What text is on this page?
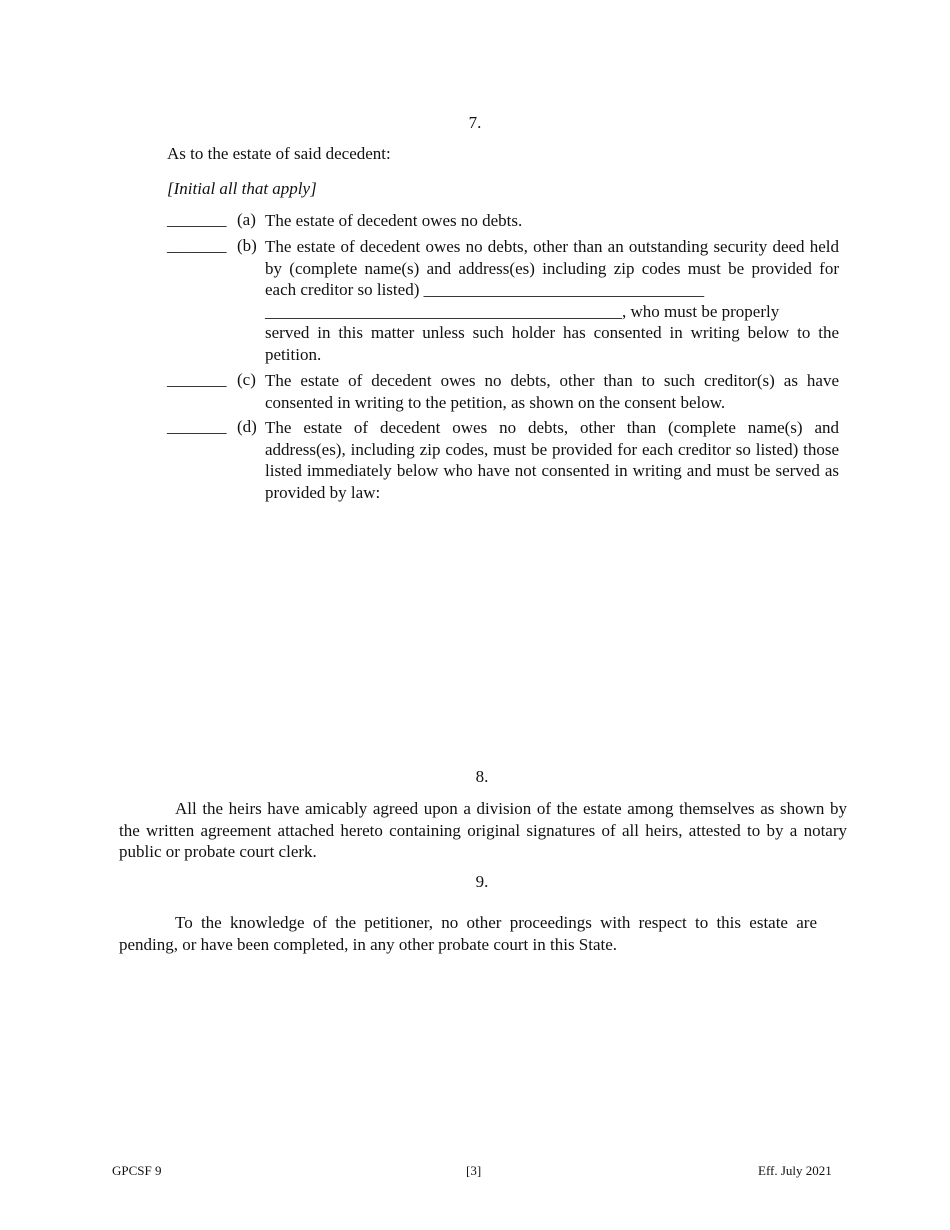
7.
As to the estate of said decedent:
[Initial all that apply]
_______ (a) The estate of decedent owes no debts.
_______ (b) The estate of decedent owes no debts, other than an outstanding security deed held by (complete name(s) and address(es) including zip codes must be provided for each creditor so listed) _________________________________
__________________________________________, who must be properly
served in this matter unless such holder has consented in writing below to the petition.
_______ (c) The estate of decedent owes no debts, other than to such creditor(s) as have consented in writing to the petition, as shown on the consent below.
_______ (d) The estate of decedent owes no debts, other than (complete name(s) and address(es), including zip codes, must be provided for each creditor so listed) those listed immediately below who have not consented in writing and must be served as provided by law:
8.
All the heirs have amicably agreed upon a division of the estate among themselves as shown by the written agreement attached hereto containing original signatures of all heirs, attested to by a notary public or probate court clerk.
9.
To the knowledge of the petitioner, no other proceedings with respect to this estate are pending, or have been completed, in any other probate court in this State.
GPCSF 9	[3]	Eff. July 2021
